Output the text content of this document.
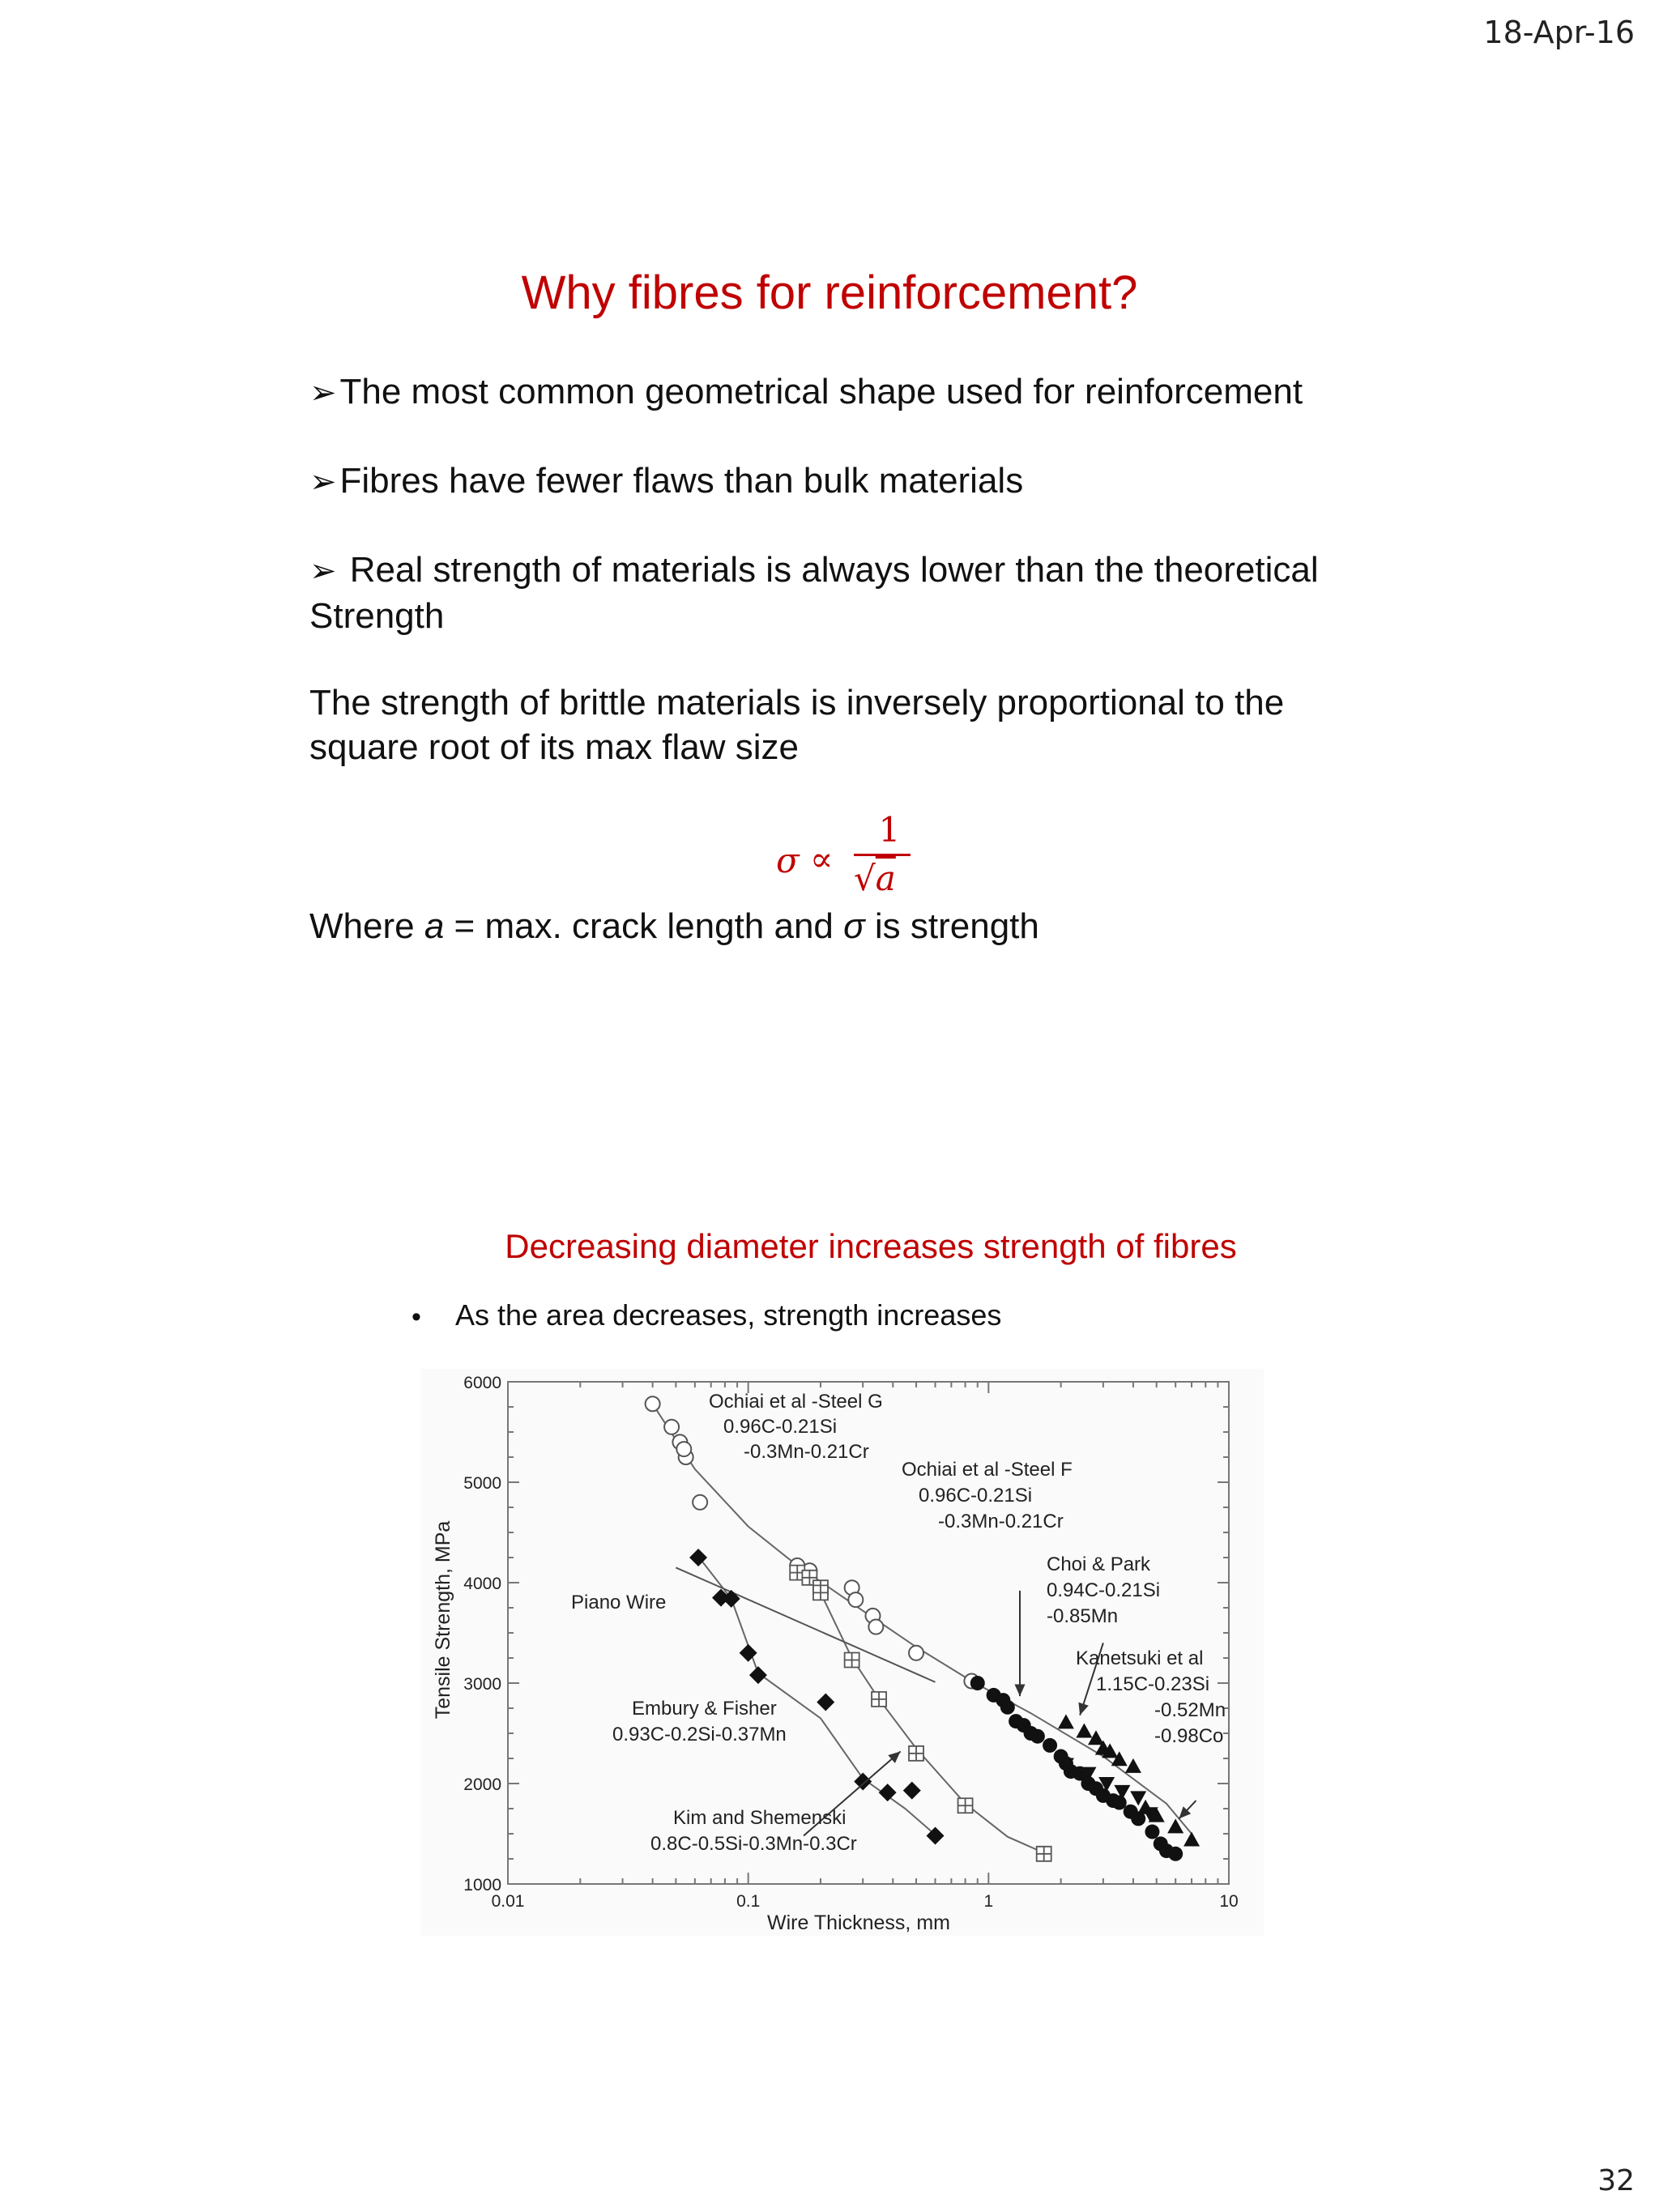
18-Apr-16
Why fibres for reinforcement?
➢The most common geometrical shape used for reinforcement
➢Fibres have fewer flaws than bulk materials
➢ Real strength of materials is always lower than the theoretical Strength
The strength of brittle materials is inversely proportional to the square root of its max flaw size
σ ∝
1
√a
Where a = max. crack length and σ is strength
Decreasing diameter increases strength of fibres
• As the area decreases, strength increases
1000
2000
3000
4000
5000
6000
0.01	0.1	1	10
Wire Thickness, mm
Tensile Strength, MPa
Ochiai et al -Steel G
0.96C-0.21Si
-0.3Mn-0.21Cr
Ochiai et al -Steel F
0.96C-0.21Si
-0.3Mn-0.21Cr
Choi & Park
0.94C-0.21Si
-0.85Mn
Kanetsuki et al
1.15C-0.23Si
-0.52Mn
-0.98Co
Piano Wire
Embury & Fisher
0.93C-0.2Si-0.37Mn
Kim and Shemenski
0.8C-0.5Si-0.3Mn-0.3Cr
32
